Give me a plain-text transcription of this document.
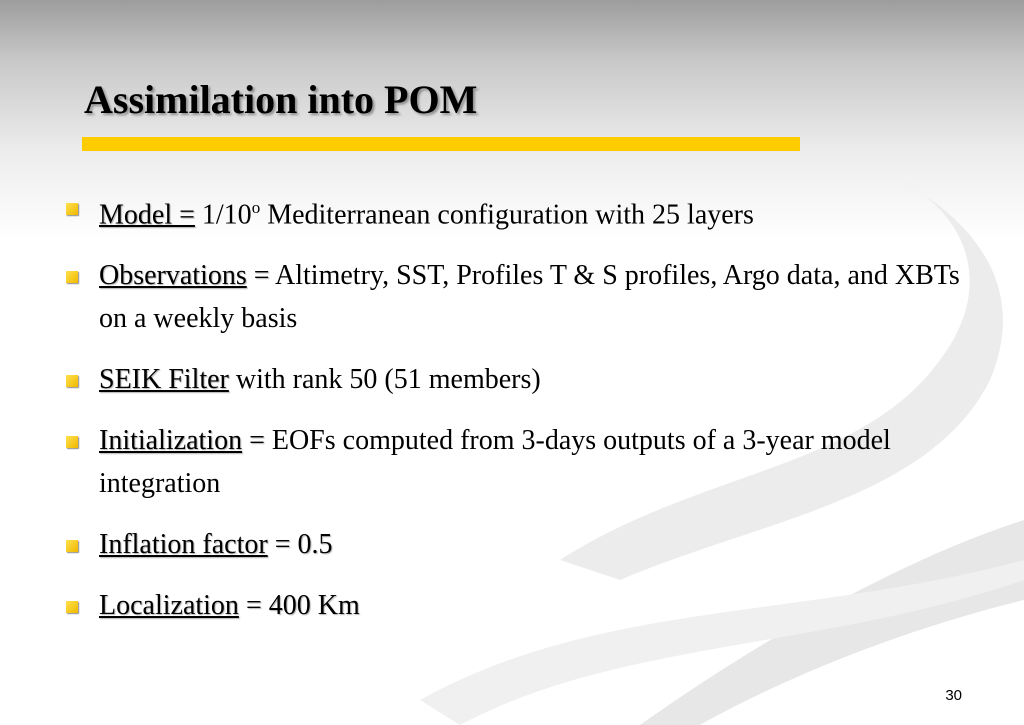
Assimilation into POM
Model = $1/10^o$ Mediterranean configuration with 25 layers
Observations = Altimetry, SST, Profiles T & S profiles, Argo data, and XBTs on a weekly basis
SEIK Filter with rank 50 (51 members)
Initialization = EOFs computed from 3-days outputs of a 3-year model integration
Inflation factor = 0.5
Localization = 400 Km
30
